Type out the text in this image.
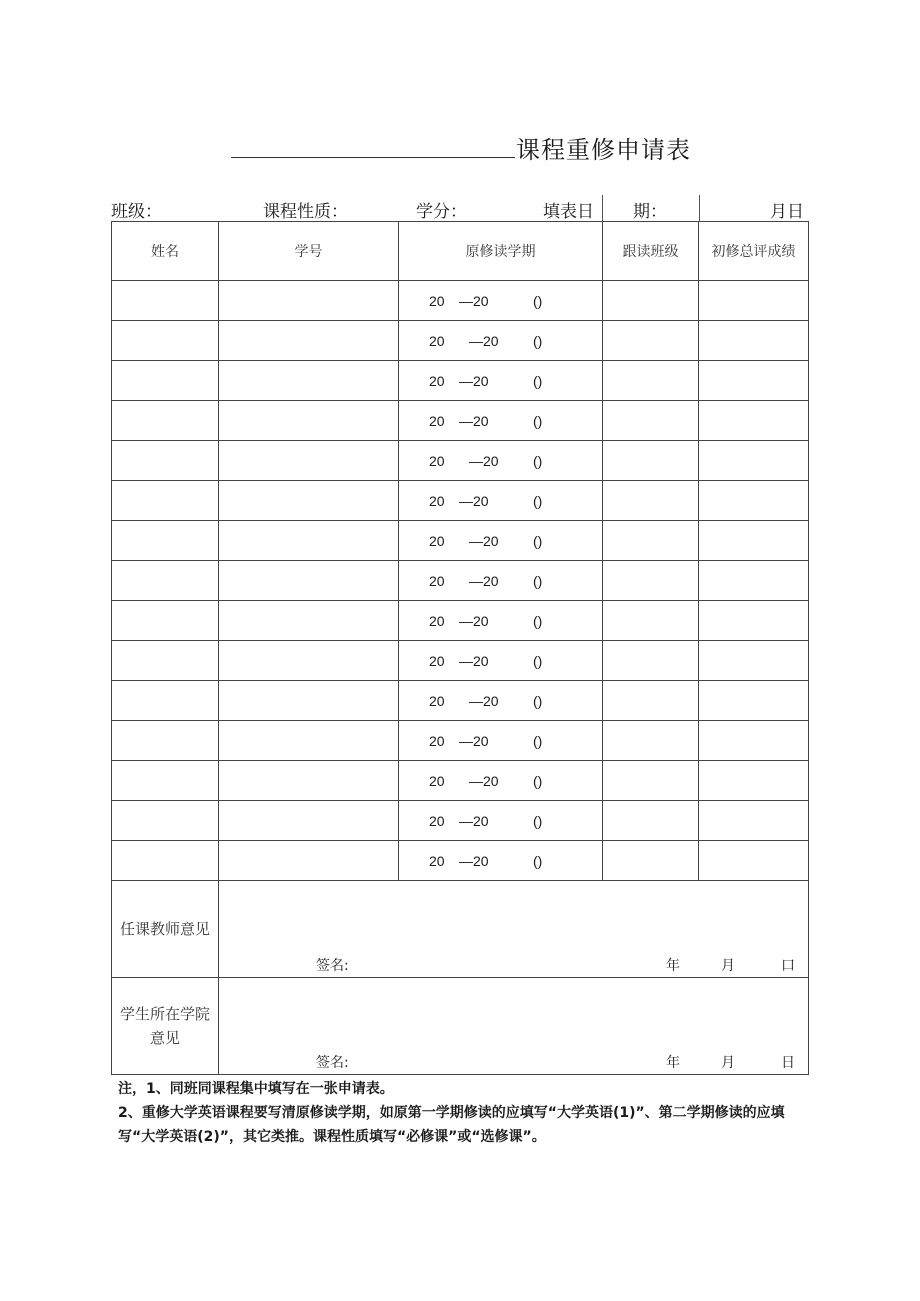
课程重修申请表
班级：	课程性质：	学分：	填表日 期：	月日
姓名	学号	原修读学期	跟读班级	初修总评成绩

		20 —20 ()		

		20 —20 ()		

		20 —20 ()		

		20 —20 ()		

		20 —20 ()		

		20 —20 ()		

		20 —20 ()		

		20 —20 ()		

		20 —20 ()		

		20 —20 ()		

		20 —20 ()		

		20 —20 ()		

		20 —20 ()		

		20 —20 ()		

		20 —20 ()		

任课教师意见	签名: 年 月 口			

学生所在学院
意见	签名: 年 月 日			

注，1、同班同课程集中填写在一张申请表。

2、重修大学英语课程要写清原修读学期，如原第一学期修读的应填写“大学英语(1)”、第二学期修读的应填写“大学英语(2)”，其它类推。课程性质填写“必修课”或“选修课”。
